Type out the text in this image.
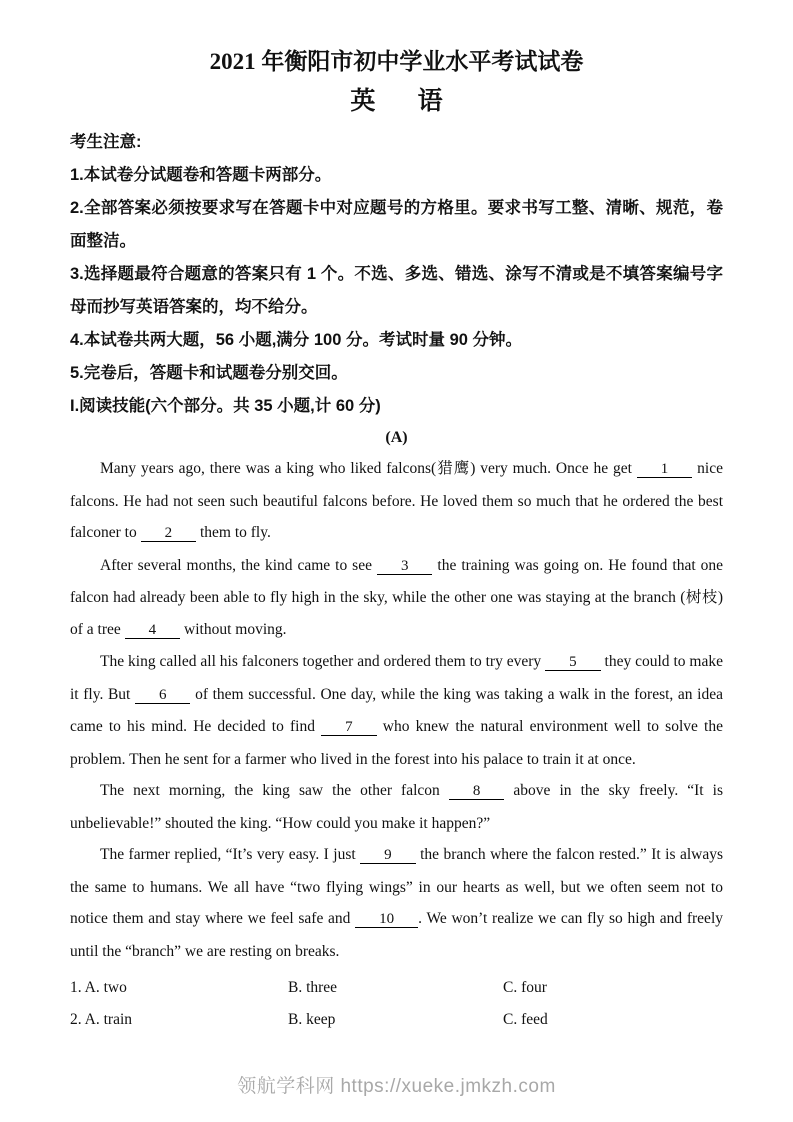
2021 年衡阳市初中学业水平考试试卷
英 语

考生注意:

1.本试卷分试题卷和答题卡两部分。

2.全部答案必须按要求写在答题卡中对应题号的方格里。要求书写工整、清晰、规范，卷面整洁。

3.选择题最符合题意的答案只有 1 个。不选、多选、错选、涂写不清或是不填答案编号字母而抄写英语答案的，均不给分。

4.本试卷共两大题，56 小题,满分 100 分。考试时量 90 分钟。

5.完卷后，答题卡和试题卷分别交回。

I.阅读技能(六个部分。共 35 小题,计 60 分)

(A)

Many years ago, there was a king who liked falcons(猎鹰) very much. Once he get 1 nice falcons. He had not seen such beautiful falcons before. He loved them so much that he ordered the best falconer to 2 them to fly.

After several months, the kind came to see 3 the training was going on. He found that one falcon had already been able to fly high in the sky, while the other one was staying at the branch (树枝) of a tree 4 without moving.

The king called all his falconers together and ordered them to try every 5 they could to make it fly. But 6 of them successful. One day, while the king was taking a walk in the forest, an idea came to his mind. He decided to find 7 who knew the natural environment well to solve the problem. Then he sent for a farmer who lived in the forest into his palace to train it at once.

The next morning, the king saw the other falcon 8 above in the sky freely. “It is unbelievable!” shouted the king. “How could you make it happen?”

The farmer replied, “It’s very easy. I just 9 the branch where the falcon rested.” It is always the same to humans. We all have “two flying wings” in our hearts as well, but we often seem not to notice them and stay where we feel safe and 10 . We won’t realize we can fly so high and freely until the “branch” we are resting on breaks.

1. A. two	B. three	C. four
2. A. train	B. keep	C. feed
领航学科网 https://xueke.jmkzh.com
